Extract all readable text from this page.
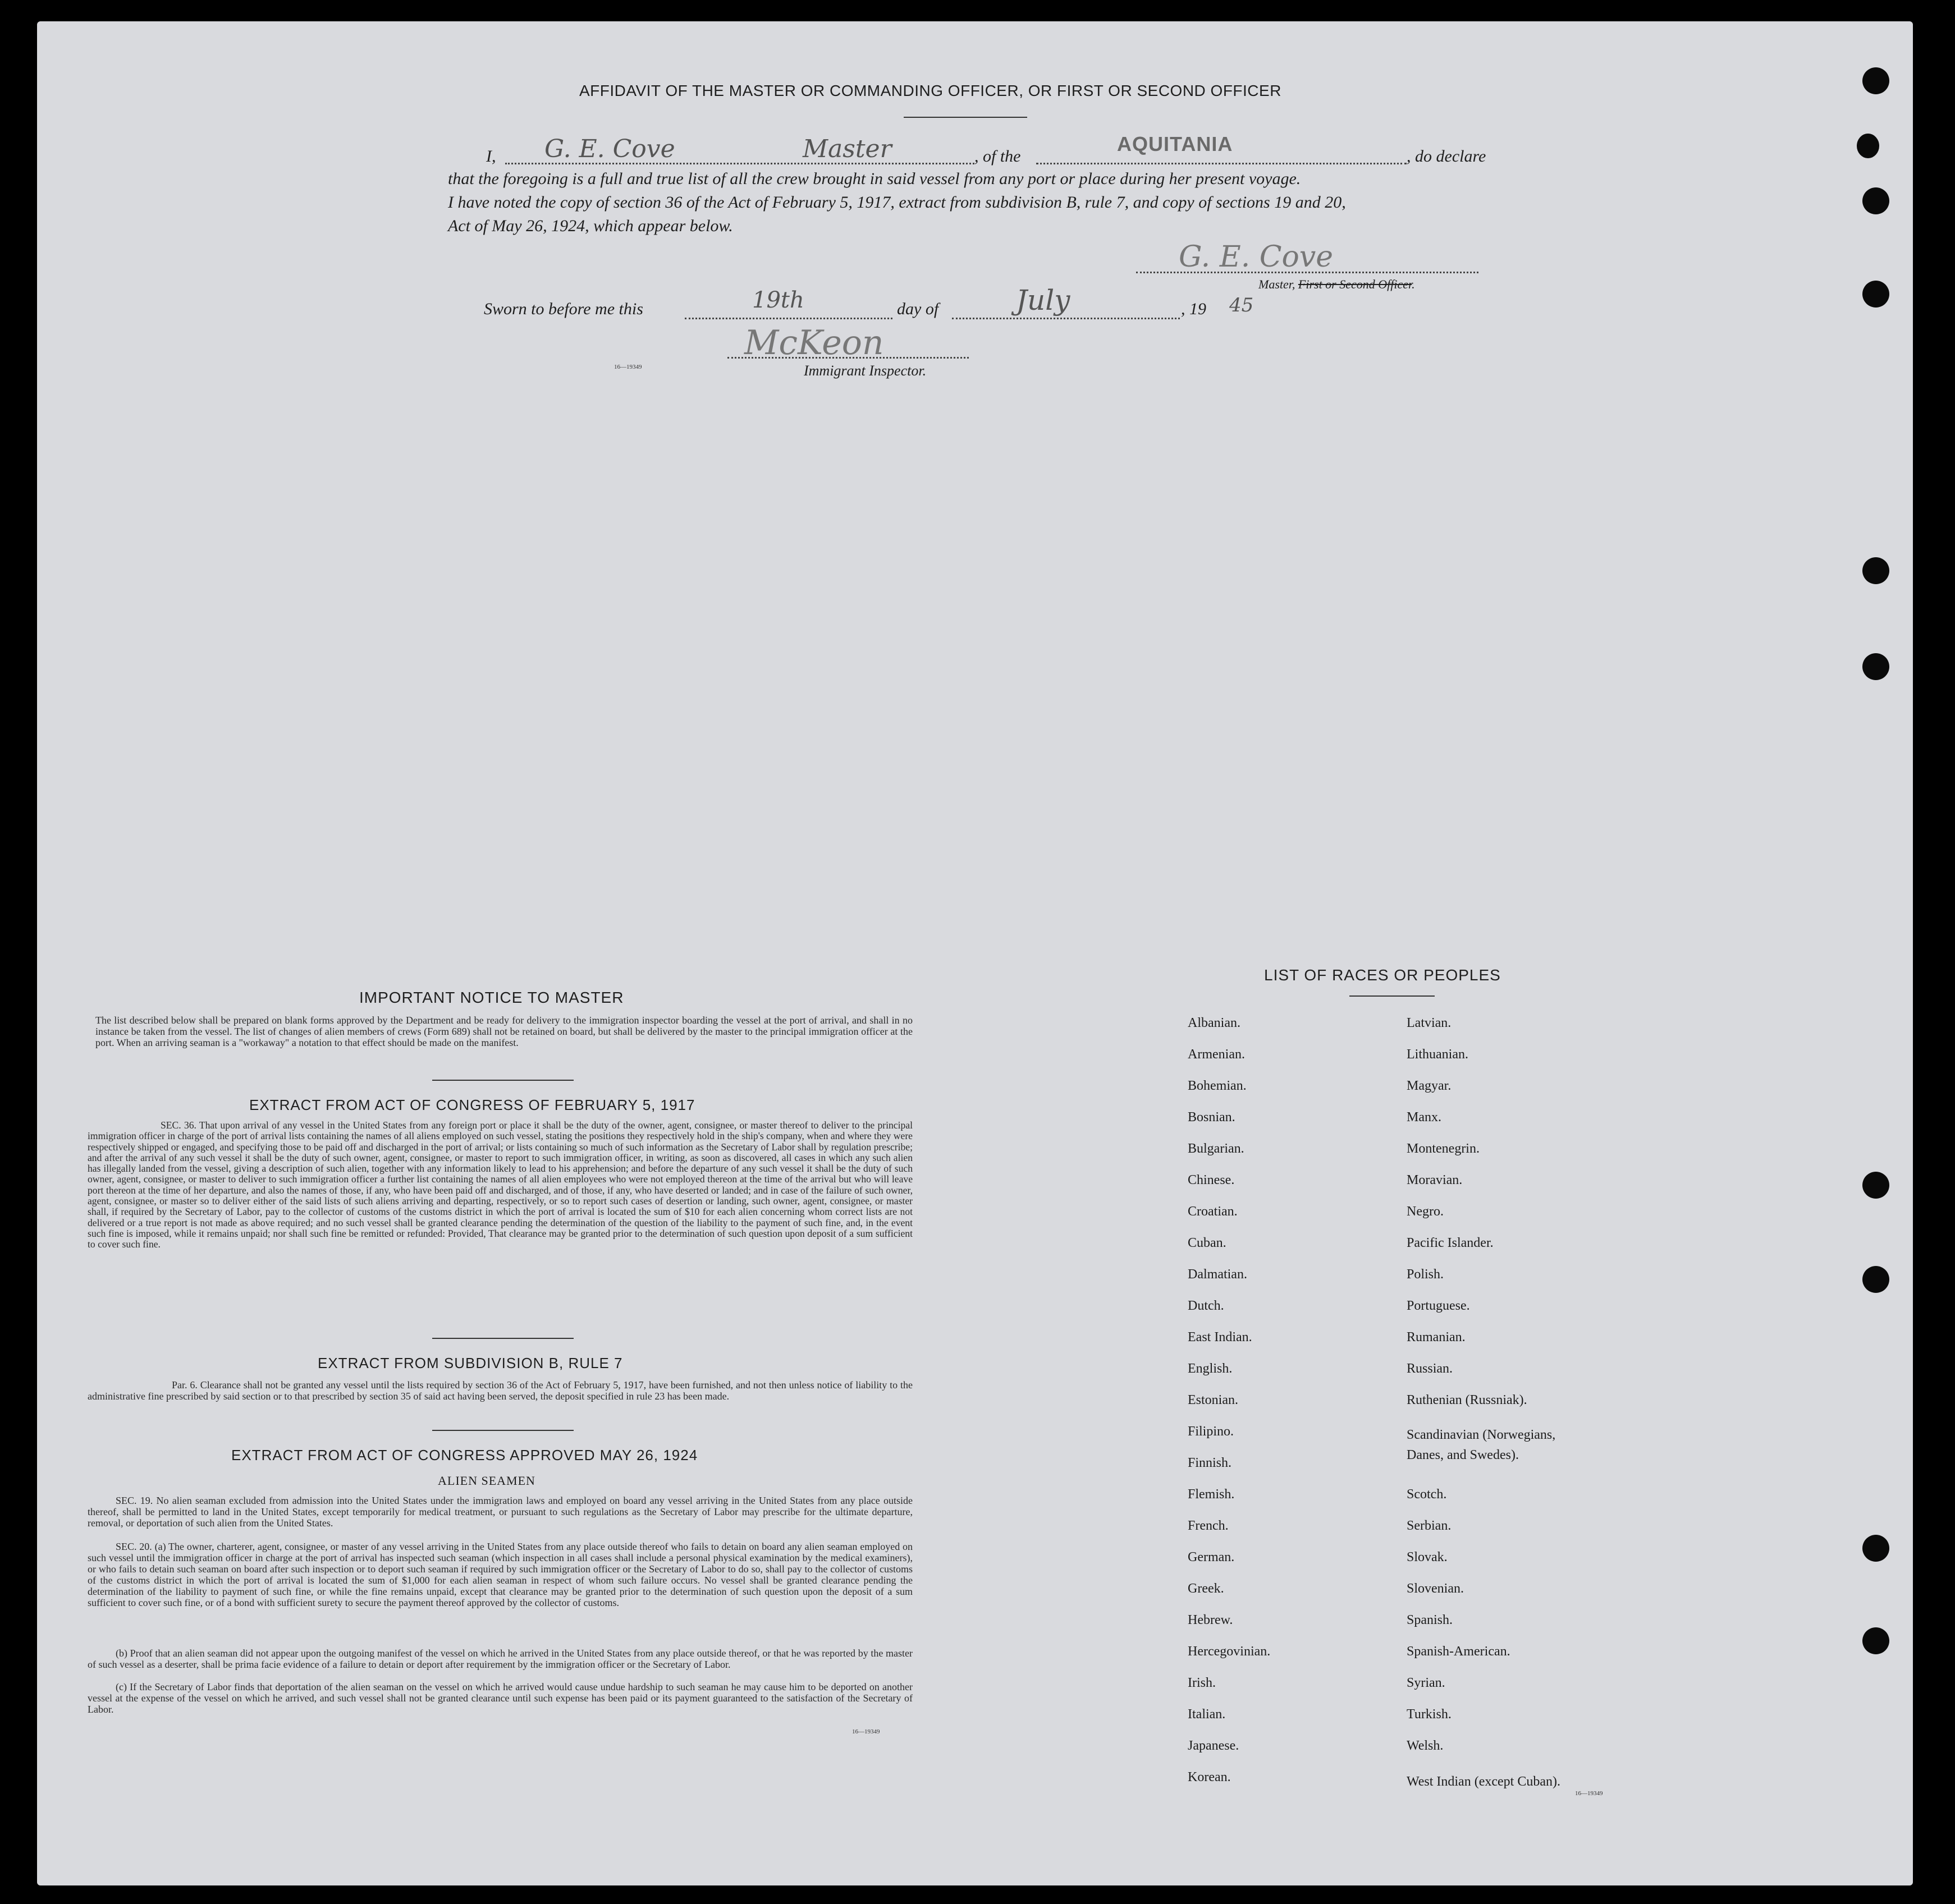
AFFIDAVIT OF THE MASTER OR COMMANDING OFFICER, OR FIRST OR SECOND OFFICER
I, G. E. Cove	Master	, of the
AQUITANIA
, do declare
that the foregoing is a full and true list of all the crew brought in said vessel from any port or place during her present voyage.
I have noted the copy of section 36 of the Act of February 5, 1917, extract from subdivision B, rule 7, and copy of sections 19 and 20,
Act of May 26, 1924, which appear below.
G. E. Cove
Master, First or Second Officer.
Sworn to before me this	19th	day of	July	, 19 45
McKeon
16—19349	Immigrant Inspector.
IMPORTANT NOTICE TO MASTER
The list described below shall be prepared on blank forms approved by the Department and be ready for delivery to the immigration inspector boarding the vessel at the port of arrival, and shall in no instance be taken from the vessel. The list of changes of alien members of crews (Form 689) shall not be retained on board, but shall be delivered by the master to the principal immigration officer at the port. When an arriving seaman is a "workaway" a notation to that effect should be made on the manifest.
EXTRACT FROM ACT OF CONGRESS OF FEBRUARY 5, 1917
SEC. 36. That upon arrival of any vessel in the United States from any foreign port or place it shall be the duty of the owner, agent, consignee, or master thereof to deliver to the principal immigration officer in charge of the port of arrival lists containing the names of all aliens employed on such vessel, stating the positions they respectively hold in the ship's company, when and where they were respectively shipped or engaged, and specifying those to be paid off and discharged in the port of arrival; or lists containing so much of such information as the Secretary of Labor shall by regulation prescribe; and after the arrival of any such vessel it shall be the duty of such owner, agent, consignee, or master to report to such immigration officer, in writing, as soon as discovered, all cases in which any such alien has illegally landed from the vessel, giving a description of such alien, together with any information likely to lead to his apprehension; and before the departure of any such vessel it shall be the duty of such owner, agent, consignee, or master to deliver to such immigration officer a further list containing the names of all alien employees who were not employed thereon at the time of the arrival but who will leave port thereon at the time of her departure, and also the names of those, if any, who have been paid off and discharged, and of those, if any, who have deserted or landed; and in case of the failure of such owner, agent, consignee, or master so to deliver either of the said lists of such aliens arriving and departing, respectively, or so to report such cases of desertion or landing, such owner, agent, consignee, or master shall, if required by the Secretary of Labor, pay to the collector of customs of the customs district in which the port of arrival is located the sum of $10 for each alien concerning whom correct lists are not delivered or a true report is not made as above required; and no such vessel shall be granted clearance pending the determination of the question of the liability to the payment of such fine, and, in the event such fine is imposed, while it remains unpaid; nor shall such fine be remitted or refunded: Provided, That clearance may be granted prior to the determination of such question upon deposit of a sum sufficient to cover such fine.
EXTRACT FROM SUBDIVISION B, RULE 7
Par. 6. Clearance shall not be granted any vessel until the lists required by section 36 of the Act of February 5, 1917, have been furnished, and not then unless notice of liability to the administrative fine prescribed by said section or to that prescribed by section 35 of said act having been served, the deposit specified in rule 23 has been made.
EXTRACT FROM ACT OF CONGRESS APPROVED MAY 26, 1924
ALIEN SEAMEN
SEC. 19. No alien seaman excluded from admission into the United States under the immigration laws and employed on board any vessel arriving in the United States from any place outside thereof, shall be permitted to land in the United States, except temporarily for medical treatment, or pursuant to such regulations as the Secretary of Labor may prescribe for the ultimate departure, removal, or deportation of such alien from the United States.
SEC. 20. (a) The owner, charterer, agent, consignee, or master of any vessel arriving in the United States from any place outside thereof who fails to detain on board any alien seaman employed on such vessel until the immigration officer in charge at the port of arrival has inspected such seaman (which inspection in all cases shall include a personal physical examination by the medical examiners), or who fails to detain such seaman on board after such inspection or to deport such seaman if required by such immigration officer or the Secretary of Labor to do so, shall pay to the collector of customs of the customs district in which the port of arrival is located the sum of $1,000 for each alien seaman in respect of whom such failure occurs. No vessel shall be granted clearance pending the determination of the liability to payment of such fine, or while the fine remains unpaid, except that clearance may be granted prior to the determination of such question upon the deposit of a sum sufficient to cover such fine, or of a bond with sufficient surety to secure the payment thereof approved by the collector of customs.
(b) Proof that an alien seaman did not appear upon the outgoing manifest of the vessel on which he arrived in the United States from any place outside thereof, or that he was reported by the master of such vessel as a deserter, shall be prima facie evidence of a failure to detain or deport after requirement by the immigration officer or the Secretary of Labor.
(c) If the Secretary of Labor finds that deportation of the alien seaman on the vessel on which he arrived would cause undue hardship to such seaman he may cause him to be deported on another vessel at the expense of the vessel on which he arrived, and such vessel shall not be granted clearance until such expense has been paid or its payment guaranteed to the satisfaction of the Secretary of Labor.
16—19349
LIST OF RACES OR PEOPLES
Albanian.
Armenian.
Bohemian.
Bosnian.
Bulgarian.
Chinese.
Croatian.
Cuban.
Dalmatian.
Dutch.
East Indian.
English.
Estonian.
Filipino.
Finnish.
Flemish.
French.
German.
Greek.
Hebrew.
Hercegovinian.
Irish.
Italian.
Japanese.
Korean.
Latvian.
Lithuanian.
Magyar.
Manx.
Montenegrin.
Moravian.
Negro.
Pacific Islander.
Polish.
Portuguese.
Rumanian.
Russian.
Ruthenian (Russniak).
Scandinavian (Norwegians,
Scotch.
Serbian.
Slovak.
Slovenian.
Spanish.
Spanish-American.
Syrian.
Turkish.
Welsh.
West Indian (except Cuban).
Danes, and Swedes).
16—19349
